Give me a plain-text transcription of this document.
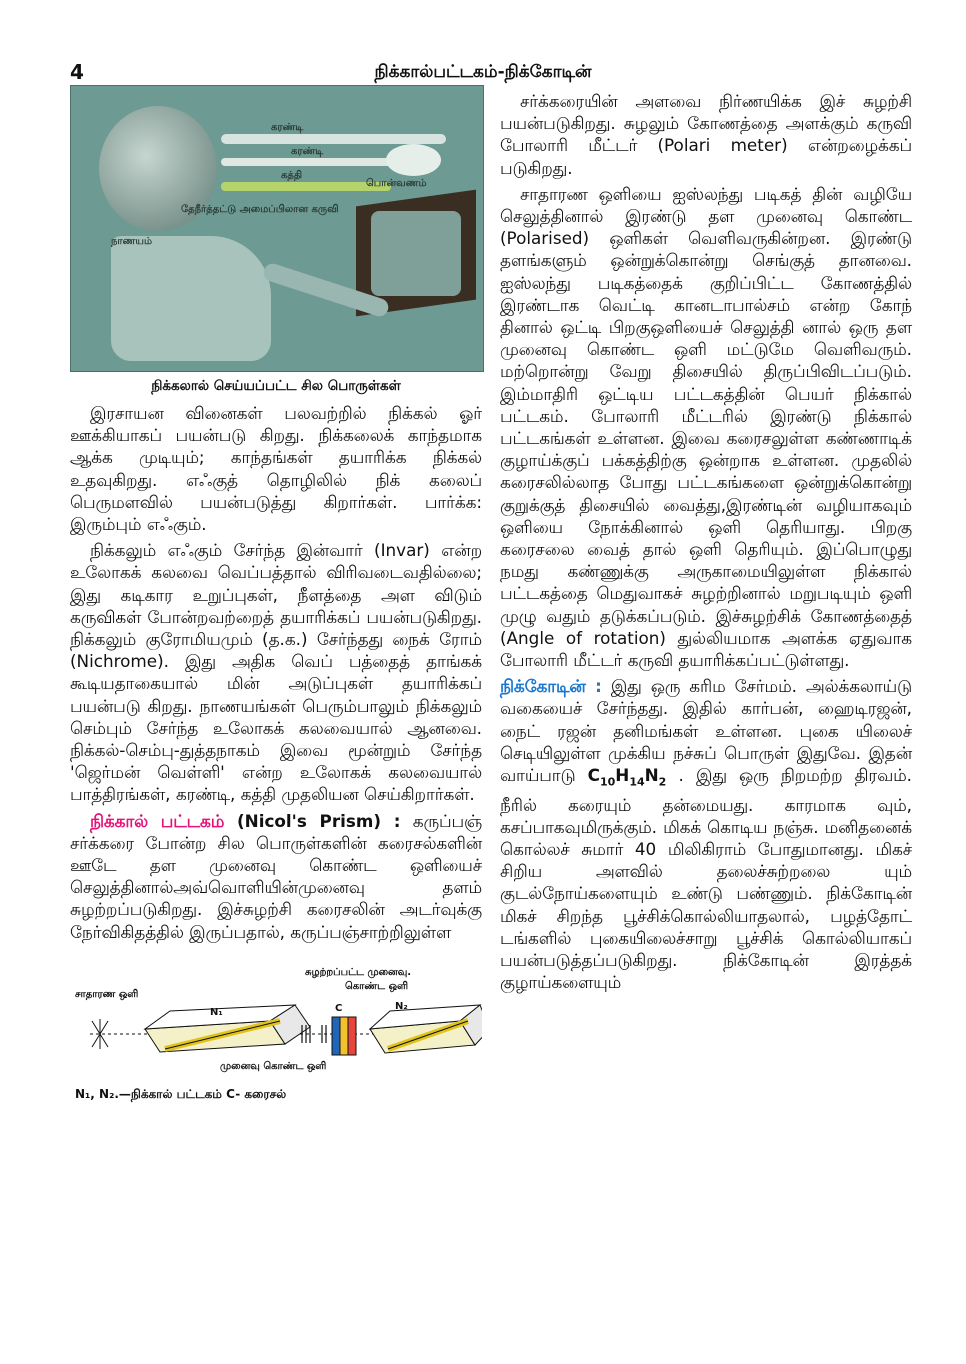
4	நிக்கால்பட்டகம்-நிக்கோடின்
நாணயம்
கரண்டி
கத்தி
கரண்டி
பொன்வணம்
தேநீர்த்தட்டு அமைப்பிலான கருவி
நிக்கலால் செய்யப்பட்ட சில பொருள்கள்

இரசாயன வினைகள் பலவற்றில் நிக்கல் ஓர் ஊக்கியாகப் பயன்படு கிறது. நிக்கலைக் காந்தமாக ஆக்க முடியும்; காந்தங்கள் தயாரிக்க நிக்கல் உதவுகிறது. எஃகுத் தொழிலில் நிக் கலைப் பெருமளவில் பயன்படுத்து கிறார்கள். பார்க்க: இரும்பும் எஃகும்.

நிக்கலும் எஃகும் சேர்ந்த இன்வார் (Invar) என்ற உலோகக் கலவை வெப்பத்தால் விரிவடைவதில்லை; இது கடிகார உறுப்புகள், நீளத்தை அள விடும் கருவிகள் போன்றவற்றைத் தயாரிக்கப் பயன்படுகிறது. நிக்கலும் குரோமியமும் (த.க.) சேர்ந்தது நைக் ரோம் (Nichrome). இது அதிக வெப் பத்தைத் தாங்கக் கூடியதாகையால் மின் அடுப்புகள் தயாரிக்கப் பயன்படு கிறது. நாணயங்கள் பெரும்பாலும் நிக்கலும் செம்பும் சேர்ந்த உலோகக் கலவையால் ஆனவை. நிக்கல்-செம்பு-துத்தநாகம் இவை மூன்றும் சேர்ந்த 'ஜெர்மன் வெள்ளி' என்ற உலோகக் கலவையால் பாத்திரங்கள், கரண்டி, கத்தி முதலியன செய்கிறார்கள்.

நிக்கால் பட்டகம் (Nicol's Prism) : கருப்பஞ் சர்க்கரை போன்ற சில பொருள்களின் கரைசல்களின் ஊடே தள முனைவு கொண்ட ஒளியைச் செலுத்தினால்அவ்வொளியின்முனைவு தளம் சுழற்றப்படுகிறது. இச்சுழற்சி கரைசலின் அடர்வுக்கு நேர்விகிதத்தில் இருப்பதால், கருப்பஞ்சாற்றிலுள்ள

சாதாரண ஒளி
சுழற்றப்பட்ட முனைவு.
கொண்ட ஒளி
N₁	C	N₂
முனைவு கொண்ட ஒளி
N₁, N₂.—நிக்கால் பட்டகம் C- கரைசல்

சர்க்கரையின் அளவை நிர்ணயிக்க இச் சுழற்சி பயன்படுகிறது. சுழலும் கோணத்தை அளக்கும் கருவி போலாரி மீட்டர் (Polari meter) என்றழைக்கப் படுகிறது.

சாதாரண ஒளியை ஐஸ்லந்து படிகத் தின் வழியே செலுத்தினால் இரண்டு தள முனைவு கொண்ட (Polarised) ஒளிகள் வெளிவருகின்றன. இரண்டு தளங்களும் ஒன்றுக்கொன்று செங்குத் தானவை. ஐஸ்லந்து படிகத்தைக் குறிப்பிட்ட கோணத்தில் இரண்டாக வெட்டி கானடாபால்சம் என்ற கோந் தினால் ஒட்டி பிறகுஒளியைச் செலுத்தி னால் ஒரு தள முனைவு கொண்ட ஒளி மட்டுமே வெளிவரும். மற்றொன்று வேறு திசையில் திருப்பிவிடப்படும். இம்மாதிரி ஒட்டிய பட்டகத்தின் பெயர் நிக்கால் பட்டகம். போலாரி மீட்டரில் இரண்டு நிக்கால் பட்டகங்கள் உள்ளன. இவை கரைசலுள்ள கண்ணாடிக் குழாய்க்குப் பக்கத்திற்கு ஒன்றாக உள்ளன. முதலில் கரைசலில்லாத போது பட்டகங்களை ஒன்றுக்கொன்று குறுக்குத் திசையில் வைத்து,இரண்டின் வழியாகவும் ஒளியை நோக்கினால் ஒளி தெரியாது. பிறகு கரைசலை வைத் தால் ஒளி தெரியும். இப்பொழுது நமது கண்ணுக்கு அருகாமையிலுள்ள நிக்கால் பட்டகத்தை மெதுவாகச் சுழற்றினால் மறுபடியும் ஒளி முழு வதும் தடுக்கப்படும். இச்சுழற்சிக் கோணத்தைத் (Angle of rotation) துல்லியமாக அளக்க ஏதுவாக போலாரி மீட்டர் கருவி தயாரிக்கப்பட்டுள்ளது.

நிக்கோடின் : இது ஒரு கரிம சேர்மம். அல்க்கலாய்டு வகையைச் சேர்ந்தது. இதில் கார்பன், ஹைடிரஜன், நைட் ரஜன் தனிமங்கள் உள்ளன. புகை யிலைச் செடியிலுள்ள முக்கிய நச்சுப் பொருள் இதுவே. இதன் வாய்பாடு $C_{10}H_{14}N_2$ . இது ஒரு நிறமற்ற திரவம். நீரில் கரையும் தன்மையது. காரமாக வும், கசப்பாகவுமிருக்கும். மிகக் கொடிய நஞ்சு. மனிதனைக் கொல்லச் சுமார் 40 மிலிகிராம் போதுமானது. மிகச் சிறிய அளவில் தலைச்சுற்றலை யும் குடல்நோய்களையும் உண்டு பண்ணும். நிக்கோடின் மிகச் சிறந்த பூச்சிக்கொல்லியாதலால், பழத்தோட் டங்களில் புகையிலைச்சாறு பூச்சிக் கொல்லியாகப் பயன்படுத்தப்படுகிறது. நிக்கோடின் இரத்தக் குழாய்களையும்
